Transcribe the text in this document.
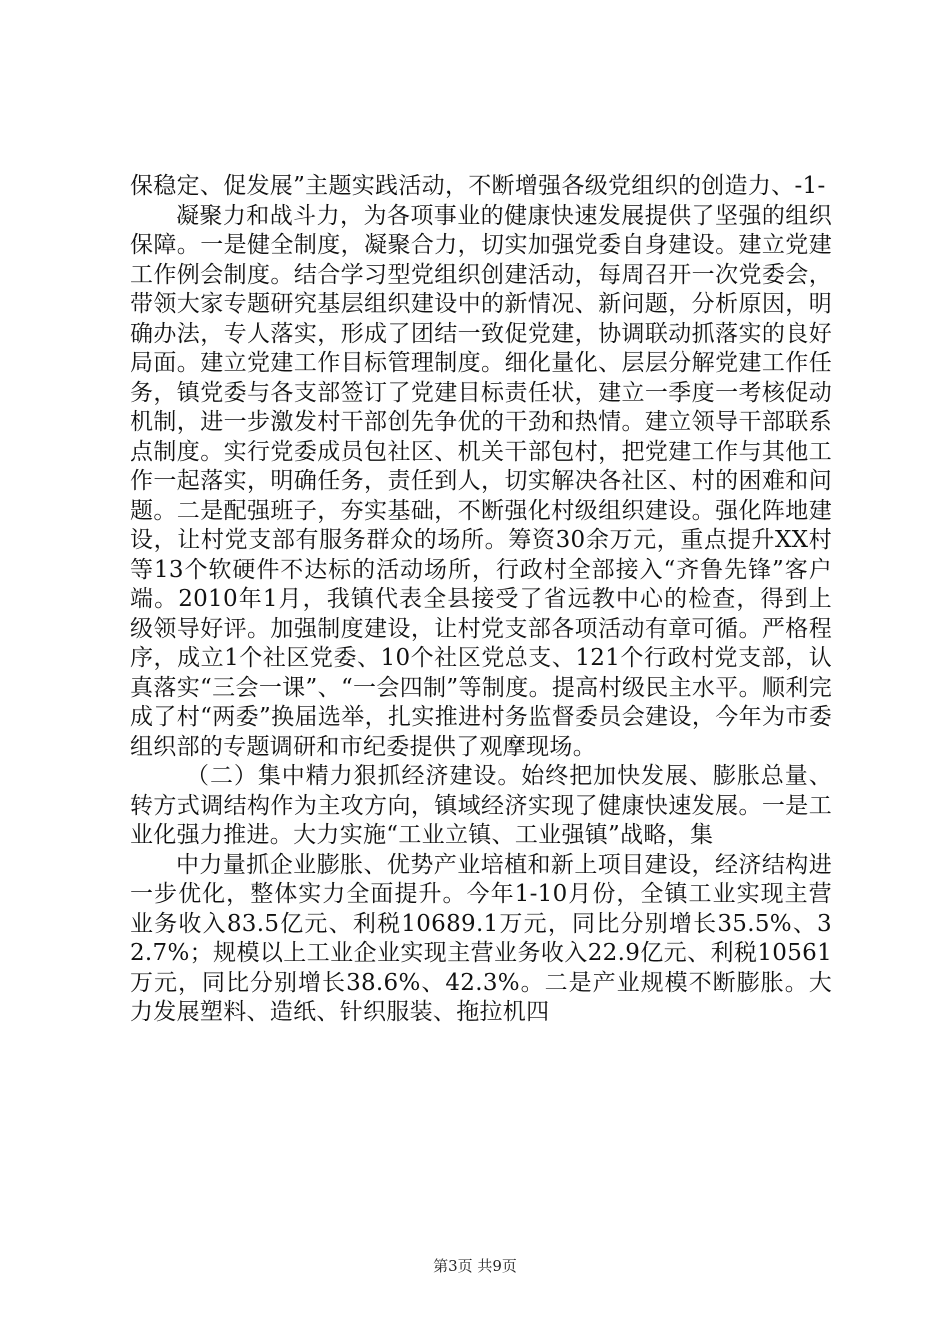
保稳定、促发展”主题实践活动，不断增强各级党组织的创造力、-1-

凝聚力和战斗力，为各项事业的健康快速发展提供了坚强的组织保障。一是健全制度，凝聚合力，切实加强党委自身建设。建立党建工作例会制度。结合学习型党组织创建活动，每周召开一次党委会，带领大家专题研究基层组织建设中的新情况、新问题，分析原因，明确办法，专人落实，形成了团结一致促党建，协调联动抓落实的良好局面。建立党建工作目标管理制度。细化量化、层层分解党建工作任务，镇党委与各支部签订了党建目标责任状，建立一季度一考核促动机制，进一步激发村干部创先争优的干劲和热情。建立领导干部联系点制度。实行党委成员包社区、机关干部包村，把党建工作与其他工作一起落实，明确任务，责任到人，切实解决各社区、村的困难和问题。二是配强班子，夯实基础，不断强化村级组织建设。强化阵地建设，让村党支部有服务群众的场所。筹资30余万元，重点提升XX村等13个软硬件不达标的活动场所，行政村全部接入“齐鲁先锋”客户端。2010年1月，我镇代表全县接受了省远教中心的检查，得到上级领导好评。加强制度建设，让村党支部各项活动有章可循。严格程序，成立1个社区党委、10个社区党总支、121个行政村党支部，认真落实“三会一课”、“一会四制”等制度。提高村级民主水平。顺利完成了村“两委”换届选举，扎实推进村务监督委员会建设，今年为市委组织部的专题调研和市纪委提供了观摩现场。

（二）集中精力狠抓经济建设。始终把加快发展、膨胀总量、转方式调结构作为主攻方向，镇域经济实现了健康快速发展。一是工业化强力推进。大力实施“工业立镇、工业强镇”战略，集

中力量抓企业膨胀、优势产业培植和新上项目建设，经济结构进一步优化，整体实力全面提升。今年1-10月份，全镇工业实现主营业务收入83.5亿元、利税10689.1万元，同比分别增长35.5%、32.7%；规模以上工业企业实现主营业务收入22.9亿元、利税10561万元，同比分别增长38.6%、42.3%。二是产业规模不断膨胀。大力发展塑料、造纸、针织服装、拖拉机四

第3页 共9页
